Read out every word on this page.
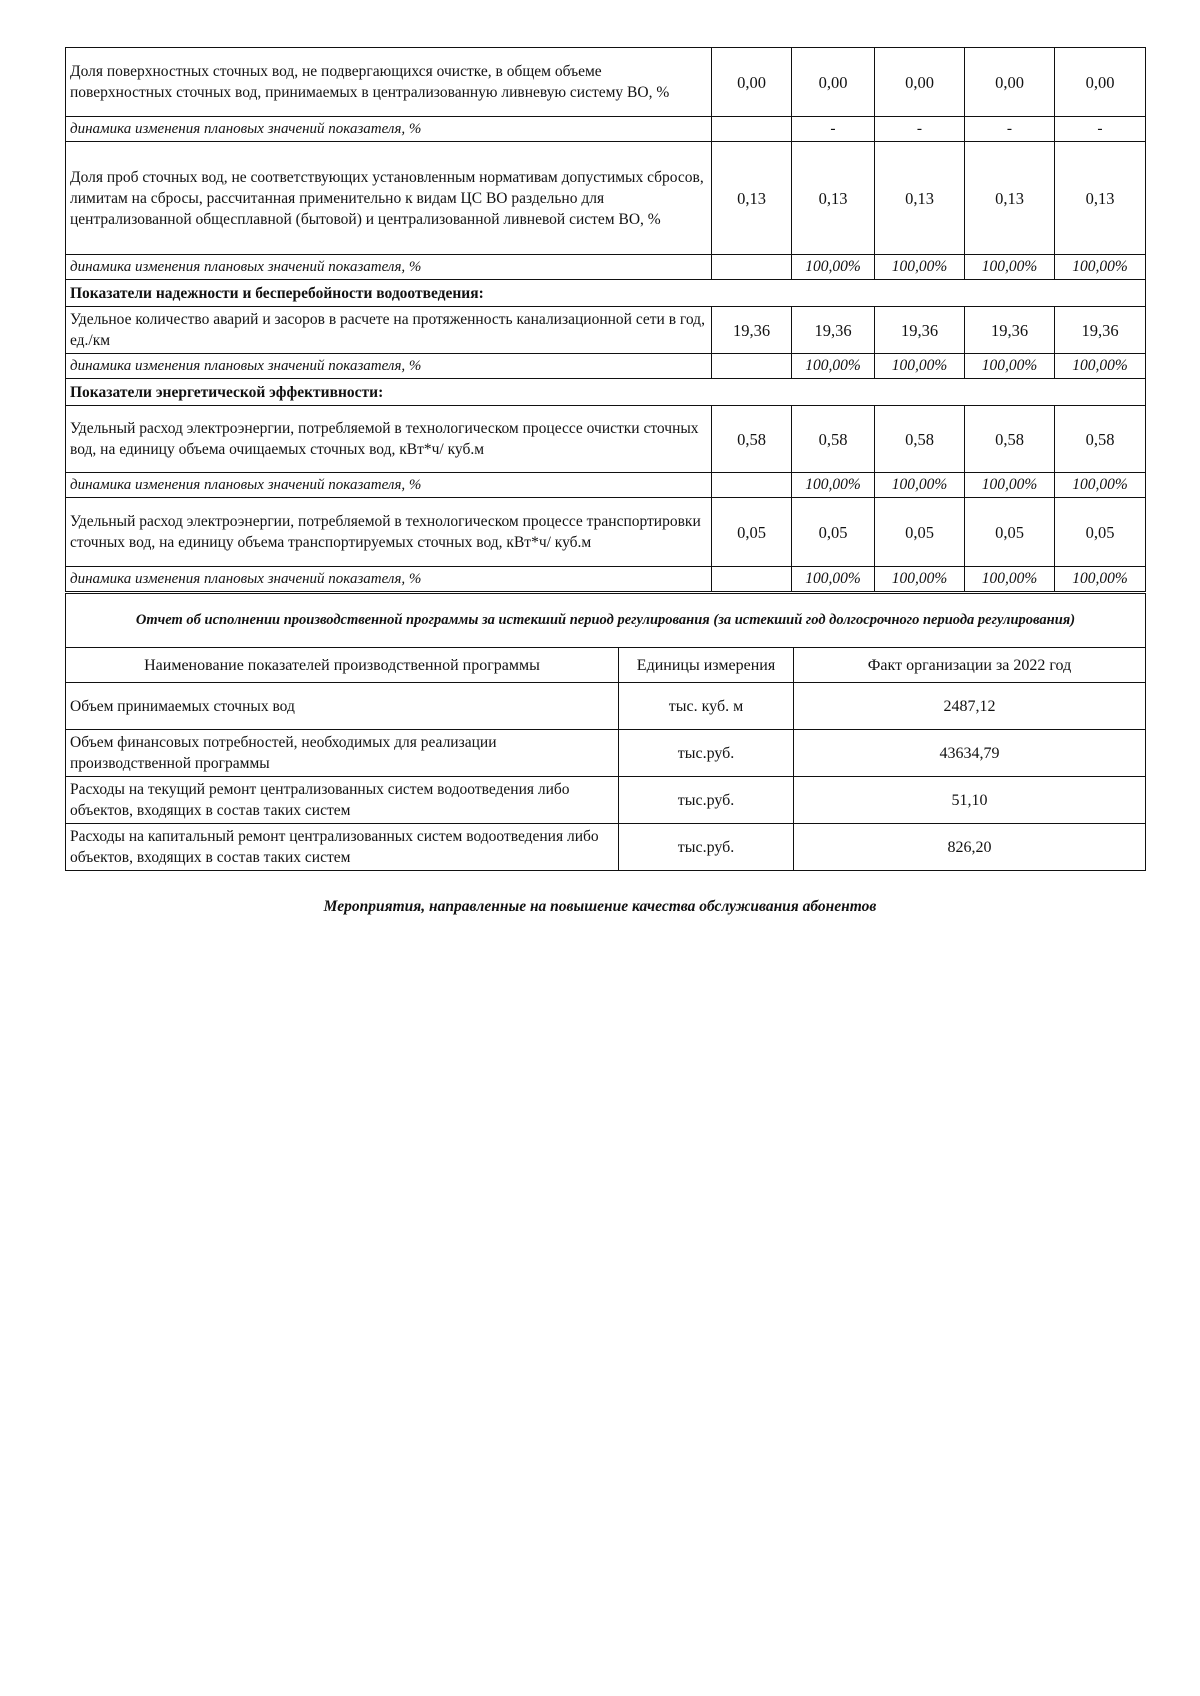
Доля поверхностных сточных вод, не подвергающихся очистке, в общем объеме поверхностных сточных вод, принимаемых в централизованную ливневую систему ВО, %	0,00	0,00	0,00	0,00	0,00
динамика изменения плановых значений показателя, %		-	-	-	-
Доля проб сточных вод, не соответствующих установленным нормативам допустимых сбросов, лимитам на сбросы, рассчитанная применительно к видам ЦС ВО раздельно для централизованной общесплавной (бытовой) и централизованной ливневой систем ВО, %	0,13	0,13	0,13	0,13	0,13
динамика изменения плановых значений показателя, %		100,00%	100,00%	100,00%	100,00%
Показатели надежности и бесперебойности водоотведения:					
Удельное количество аварий и засоров в расчете на протяженность канализационной сети в год, ед./км	19,36	19,36	19,36	19,36	19,36
динамика изменения плановых значений показателя, %		100,00%	100,00%	100,00%	100,00%
Показатели энергетической эффективности:					
Удельный расход электроэнергии, потребляемой в технологическом процессе очистки сточных вод, на единицу объема очищаемых сточных вод, кВт*ч/ куб.м	0,58	0,58	0,58	0,58	0,58
динамика изменения плановых значений показателя, %		100,00%	100,00%	100,00%	100,00%
Удельный расход электроэнергии, потребляемой в технологическом процессе транспортировки сточных вод, на единицу объема транспортируемых сточных вод, кВт*ч/ куб.м	0,05	0,05	0,05	0,05	0,05
динамика изменения плановых значений показателя, %		100,00%	100,00%	100,00%	100,00%
Отчет об исполнении производственной программы за истекший период регулирования (за истекший год долгосрочного периода регулирования)		
Наименование показателей производственной программы	Единицы измерения	Факт организации за 2022 год
Объем принимаемых сточных вод	тыс. куб. м	2487,12
Объем финансовых потребностей, необходимых для реализации производственной программы	тыс.руб.	43634,79
Расходы на текущий ремонт централизованных систем водоотведения либо объектов, входящих в состав таких систем	тыс.руб.	51,10
Расходы на капитальный ремонт централизованных систем водоотведения либо объектов, входящих в состав таких систем	тыс.руб.	826,20
Мероприятия, направленные на повышение качества обслуживания абонентов
